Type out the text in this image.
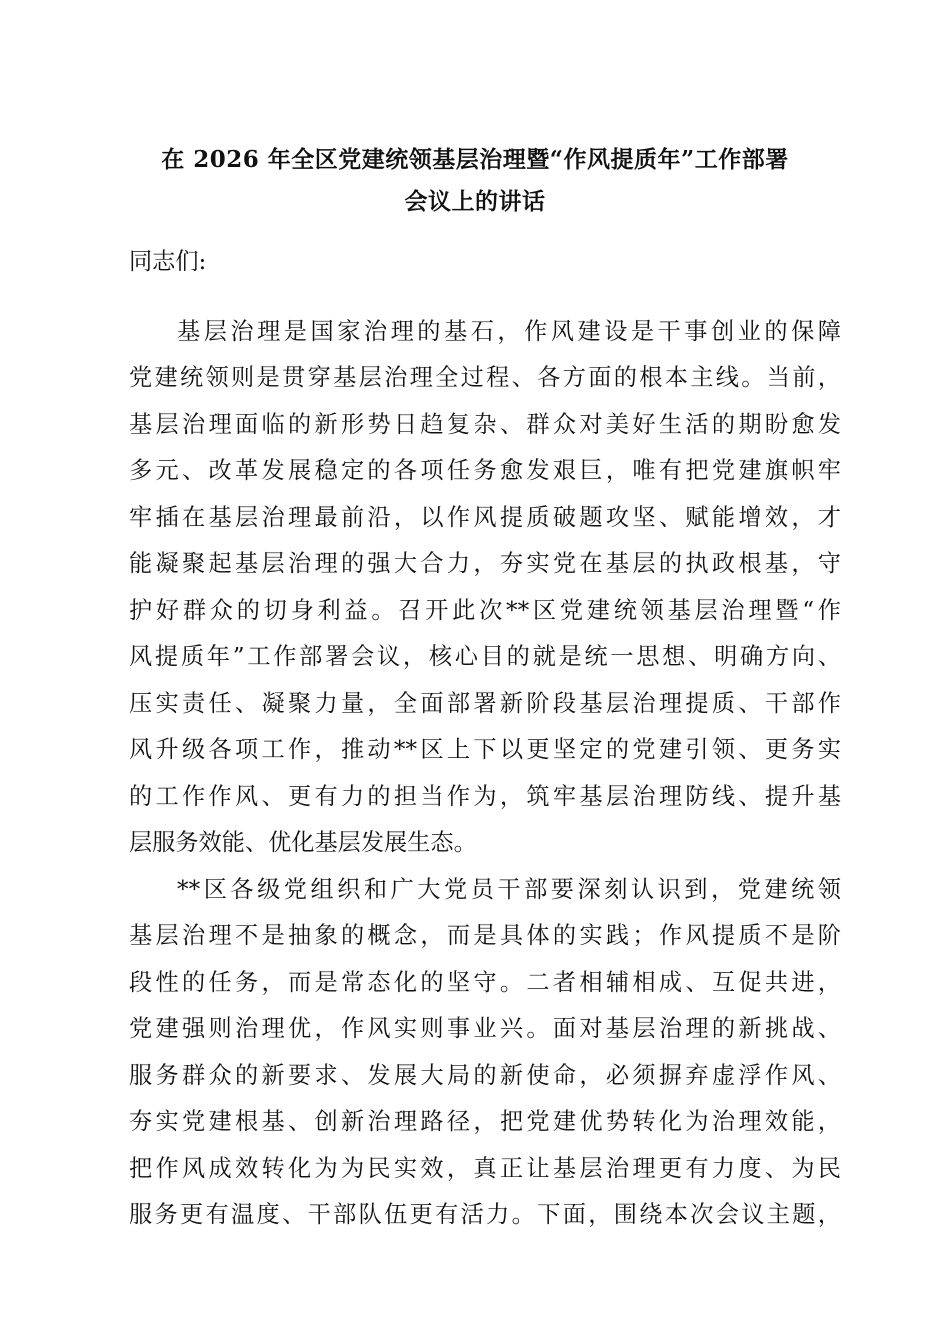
在 2026 年全区党建统领基层治理暨“作风提质年”工作部署
会议上的讲话
同志们:
基层治理是国家治理的基石，作风建设是干事创业的保障
党建统领则是贯穿基层治理全过程、各方面的根本主线。当前，
基层治理面临的新形势日趋复杂、群众对美好生活的期盼愈发
多元、改革发展稳定的各项任务愈发艰巨，唯有把党建旗帜牢
牢插在基层治理最前沿，以作风提质破题攻坚、赋能增效，才
能凝聚起基层治理的强大合力，夯实党在基层的执政根基，守
护好群众的切身利益。召开此次**区党建统领基层治理暨“作
风提质年”工作部署会议，核心目的就是统一思想、明确方向、
压实责任、凝聚力量，全面部署新阶段基层治理提质、干部作
风升级各项工作，推动**区上下以更坚定的党建引领、更务实
的工作作风、更有力的担当作为，筑牢基层治理防线、提升基
层服务效能、优化基层发展生态。
**区各级党组织和广大党员干部要深刻认识到，党建统领
基层治理不是抽象的概念，而是具体的实践；作风提质不是阶
段性的任务，而是常态化的坚守。二者相辅相成、互促共进，
党建强则治理优，作风实则事业兴。面对基层治理的新挑战、
服务群众的新要求、发展大局的新使命，必须摒弃虚浮作风、
夯实党建根基、创新治理路径，把党建优势转化为治理效能，
把作风成效转化为为民实效，真正让基层治理更有力度、为民
服务更有温度、干部队伍更有活力。下面，围绕本次会议主题，
